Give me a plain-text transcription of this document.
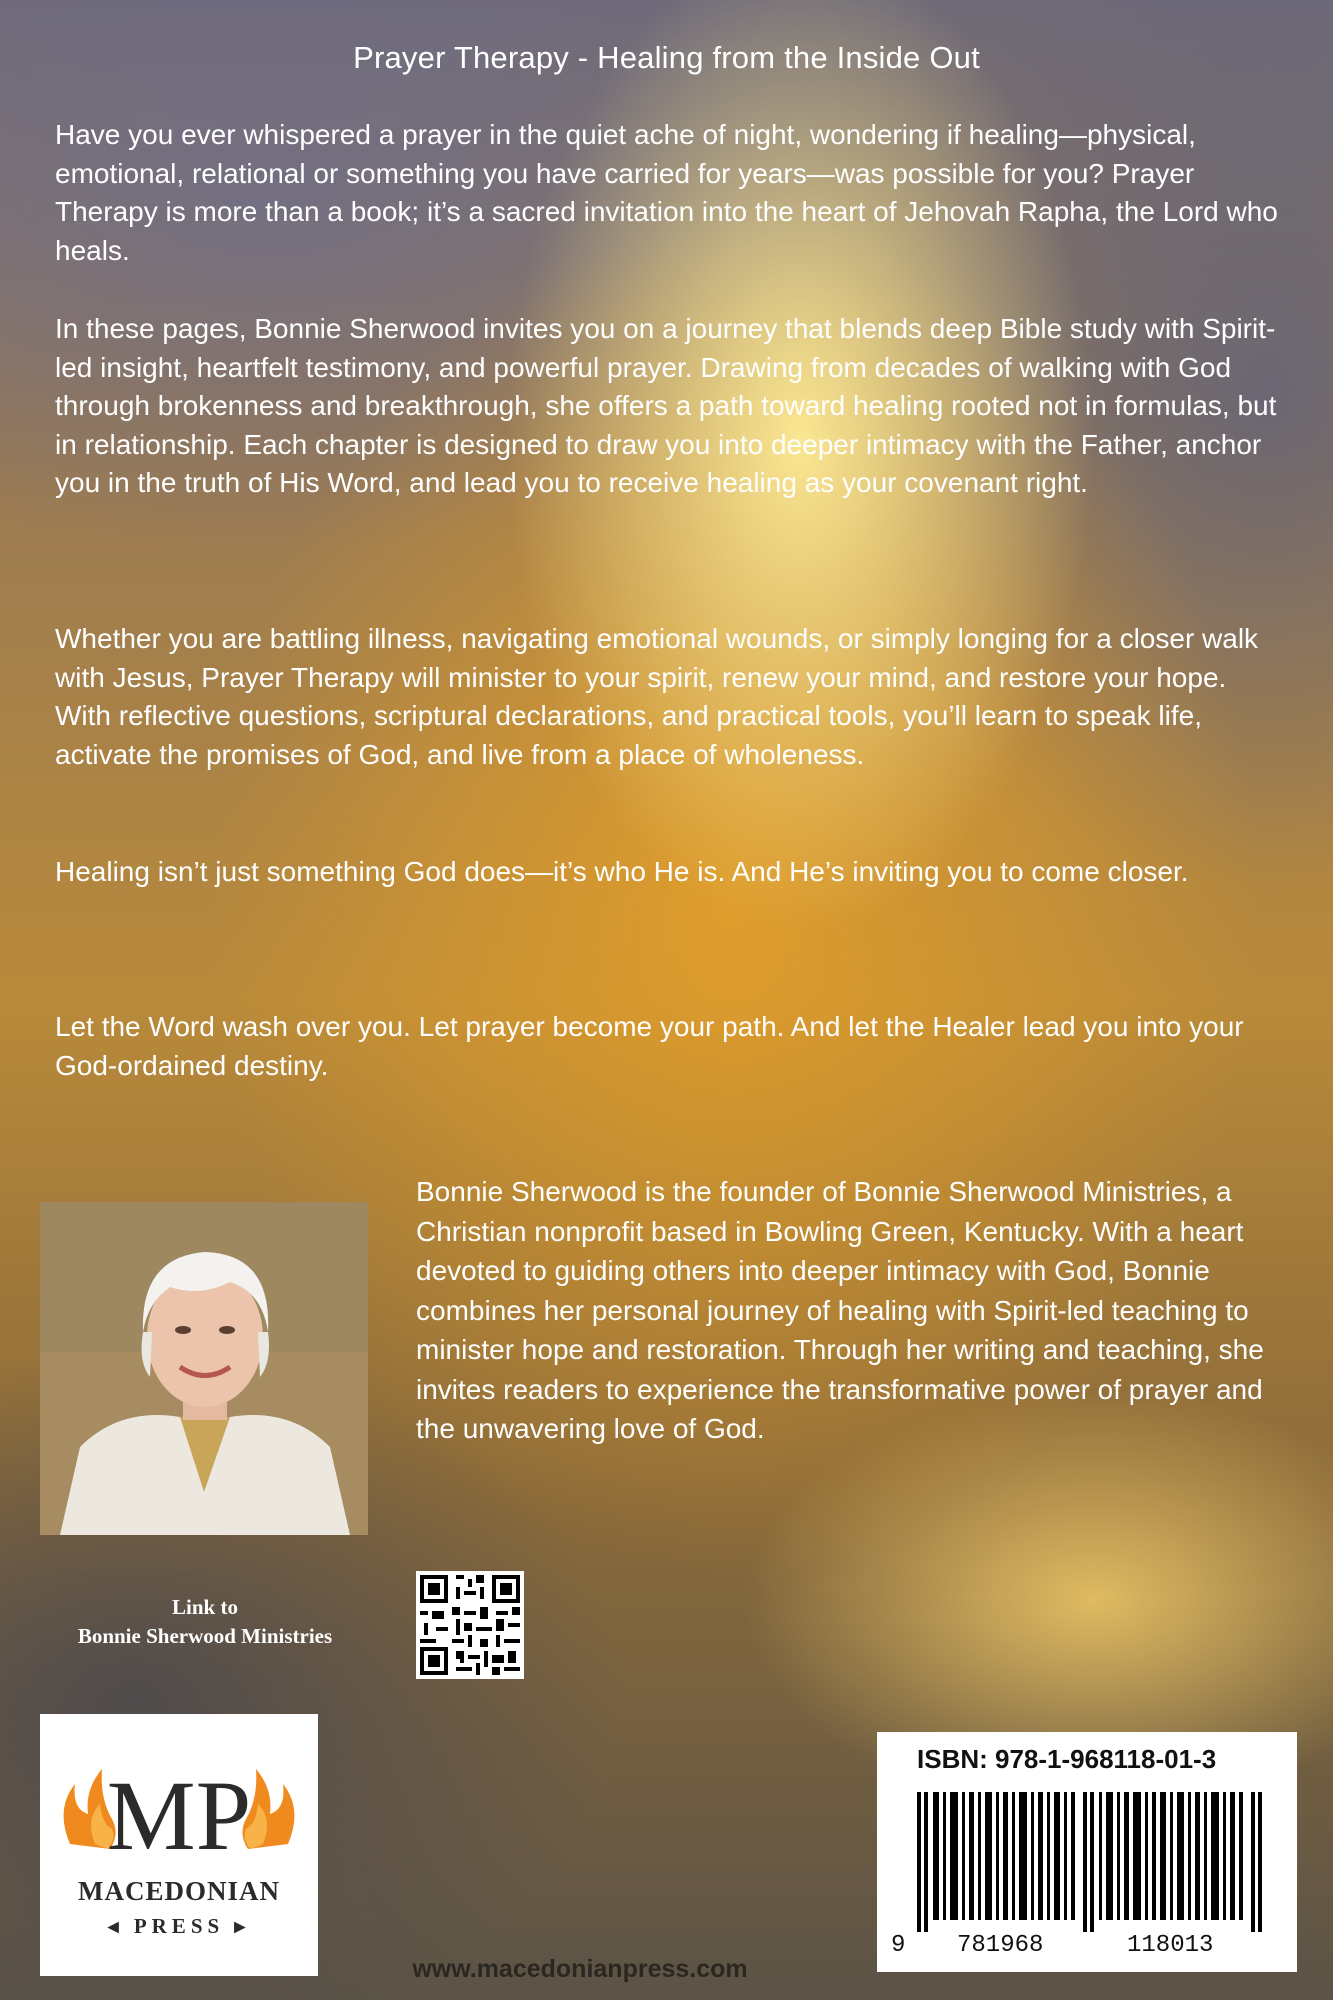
Prayer Therapy - Healing from the Inside Out

Have you ever whispered a prayer in the quiet ache of night, wondering if healing—physical, emotional, relational or something you have carried for years—was possible for you? Prayer Therapy is more than a book; it’s a sacred invitation into the heart of Jehovah Rapha, the Lord who heals.

In these pages, Bonnie Sherwood invites you on a journey that blends deep Bible study with Spirit-led insight, heartfelt testimony, and powerful prayer. Drawing from decades of walking with God through brokenness and breakthrough, she offers a path toward healing rooted not in formulas, but in relationship. Each chapter is designed to draw you into deeper intimacy with the Father, anchor you in the truth of His Word, and lead you to receive healing as your covenant right.

Whether you are battling illness, navigating emotional wounds, or simply longing for a closer walk with Jesus, Prayer Therapy will minister to your spirit, renew your mind, and restore your hope. With reflective questions, scriptural declarations, and practical tools, you’ll learn to speak life, activate the promises of God, and live from a place of wholeness.

Healing isn’t just something God does—it’s who He is. And He’s inviting you to come closer.

Let the Word wash over you. Let prayer become your path. And let the Healer lead you into your God-ordained destiny.

Bonnie Sherwood is the founder of Bonnie Sherwood Ministries, a Christian nonprofit based in Bowling Green, Kentucky. With a heart devoted to guiding others into deeper intimacy with God, Bonnie combines her personal journey of healing with Spirit-led teaching to minister hope and restoration. Through her writing and teaching, she invites readers to experience the transformative power of prayer and the unwavering love of God.

Link to
Bonnie Sherwood Ministries
MP
MACEDONIAN
◂ PRESS ▸
www.macedonianpress.com
ISBN: 978-1-968118-01-3
9 781968	118013
